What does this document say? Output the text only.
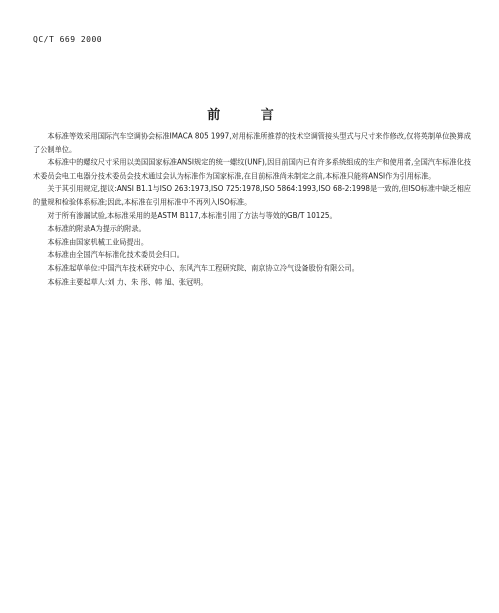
QC/T 669 2000
前 言

本标准等效采用国际汽车空调协会标准IMACA 805 1997,对用标准所推荐的技术空调管接头型式与尺寸来作修改,仅将英制单位换算成了公制单位。

本标准中的螺纹尺寸采用以美国国家标准ANSI规定的统一螺纹(UNF),因目前国内已有许多系统组成的生产和使用者,全国汽车标准化技术委员会电工电器分技术委员会技术通过会认为标准作为国家标准,在目前标准尚未制定之前,本标准只能将ANSI作为引用标准。

关于其引用规定,提议:ANSI B1.1与ISO 263:1973,ISO 725:1978,ISO 5864:1993,ISO 68-2:1998是一致的,但ISO标准中缺乏相应的量规和检验体系标准;因此,本标准在引用标准中不再列入ISO标准。

对于所有渗漏试验,本标准采用的是ASTM B117,本标准引用了方法与等效的GB/T 10125。

本标准的附录A为提示的附录。

本标准由国家机械工业局提出。

本标准由全国汽车标准化技术委员会归口。

本标准起草单位:中国汽车技术研究中心、东风汽车工程研究院、南京协立冷气设备股份有限公司。

本标准主要起草人:刘 力、朱 彤、韩 旭、张冠明。
